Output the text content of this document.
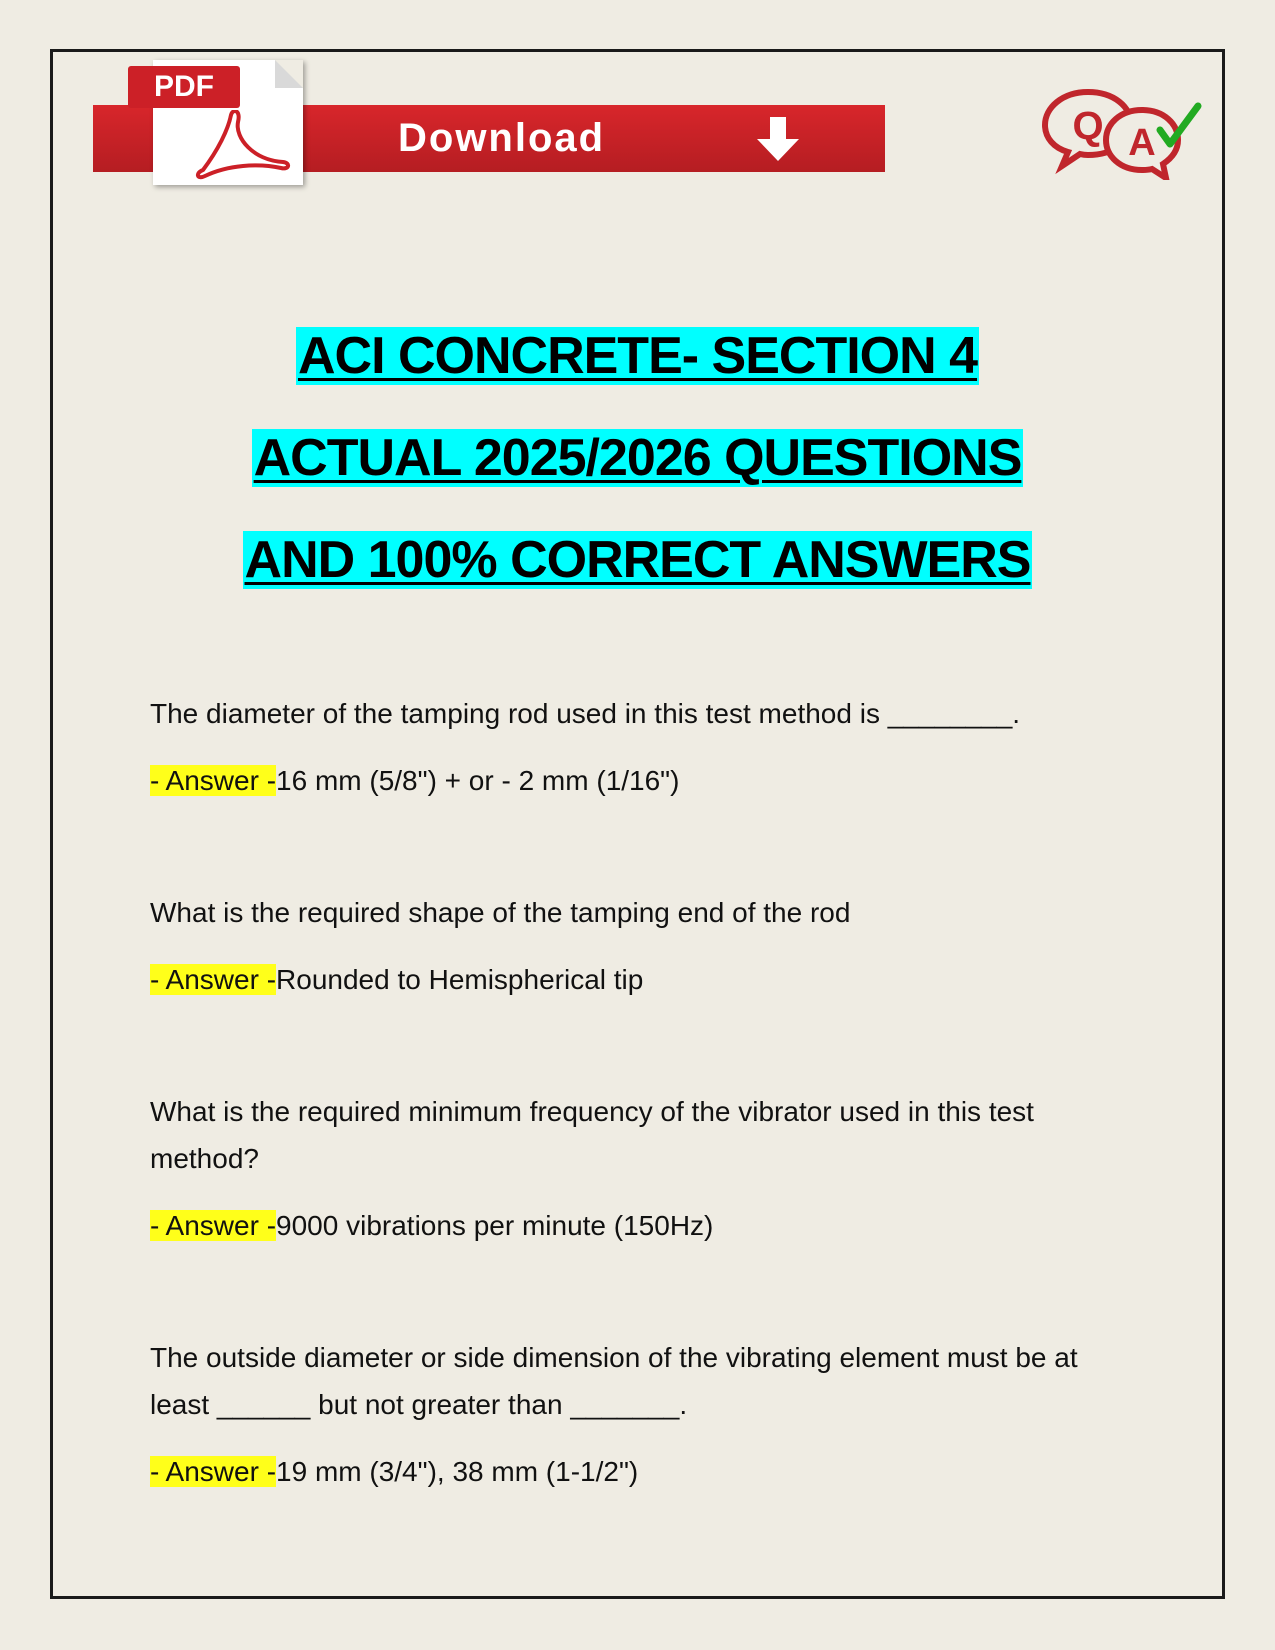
PDF
Download	Q A
ACI CONCRETE- SECTION 4
ACTUAL 2025/2026 QUESTIONS
AND 100% CORRECT ANSWERS

The diameter of the tamping rod used in this test method is ________.

- Answer -16 mm (5/8") + or - 2 mm (1/16")

What is the required shape of the tamping end of the rod

- Answer -Rounded to Hemispherical tip

What is the required minimum frequency of the vibrator used in this test method?

- Answer -9000 vibrations per minute (150Hz)

The outside diameter or side dimension of the vibrating element must be at least ______ but not greater than _______.

- Answer -19 mm (3/4"), 38 mm (1-1/2")
